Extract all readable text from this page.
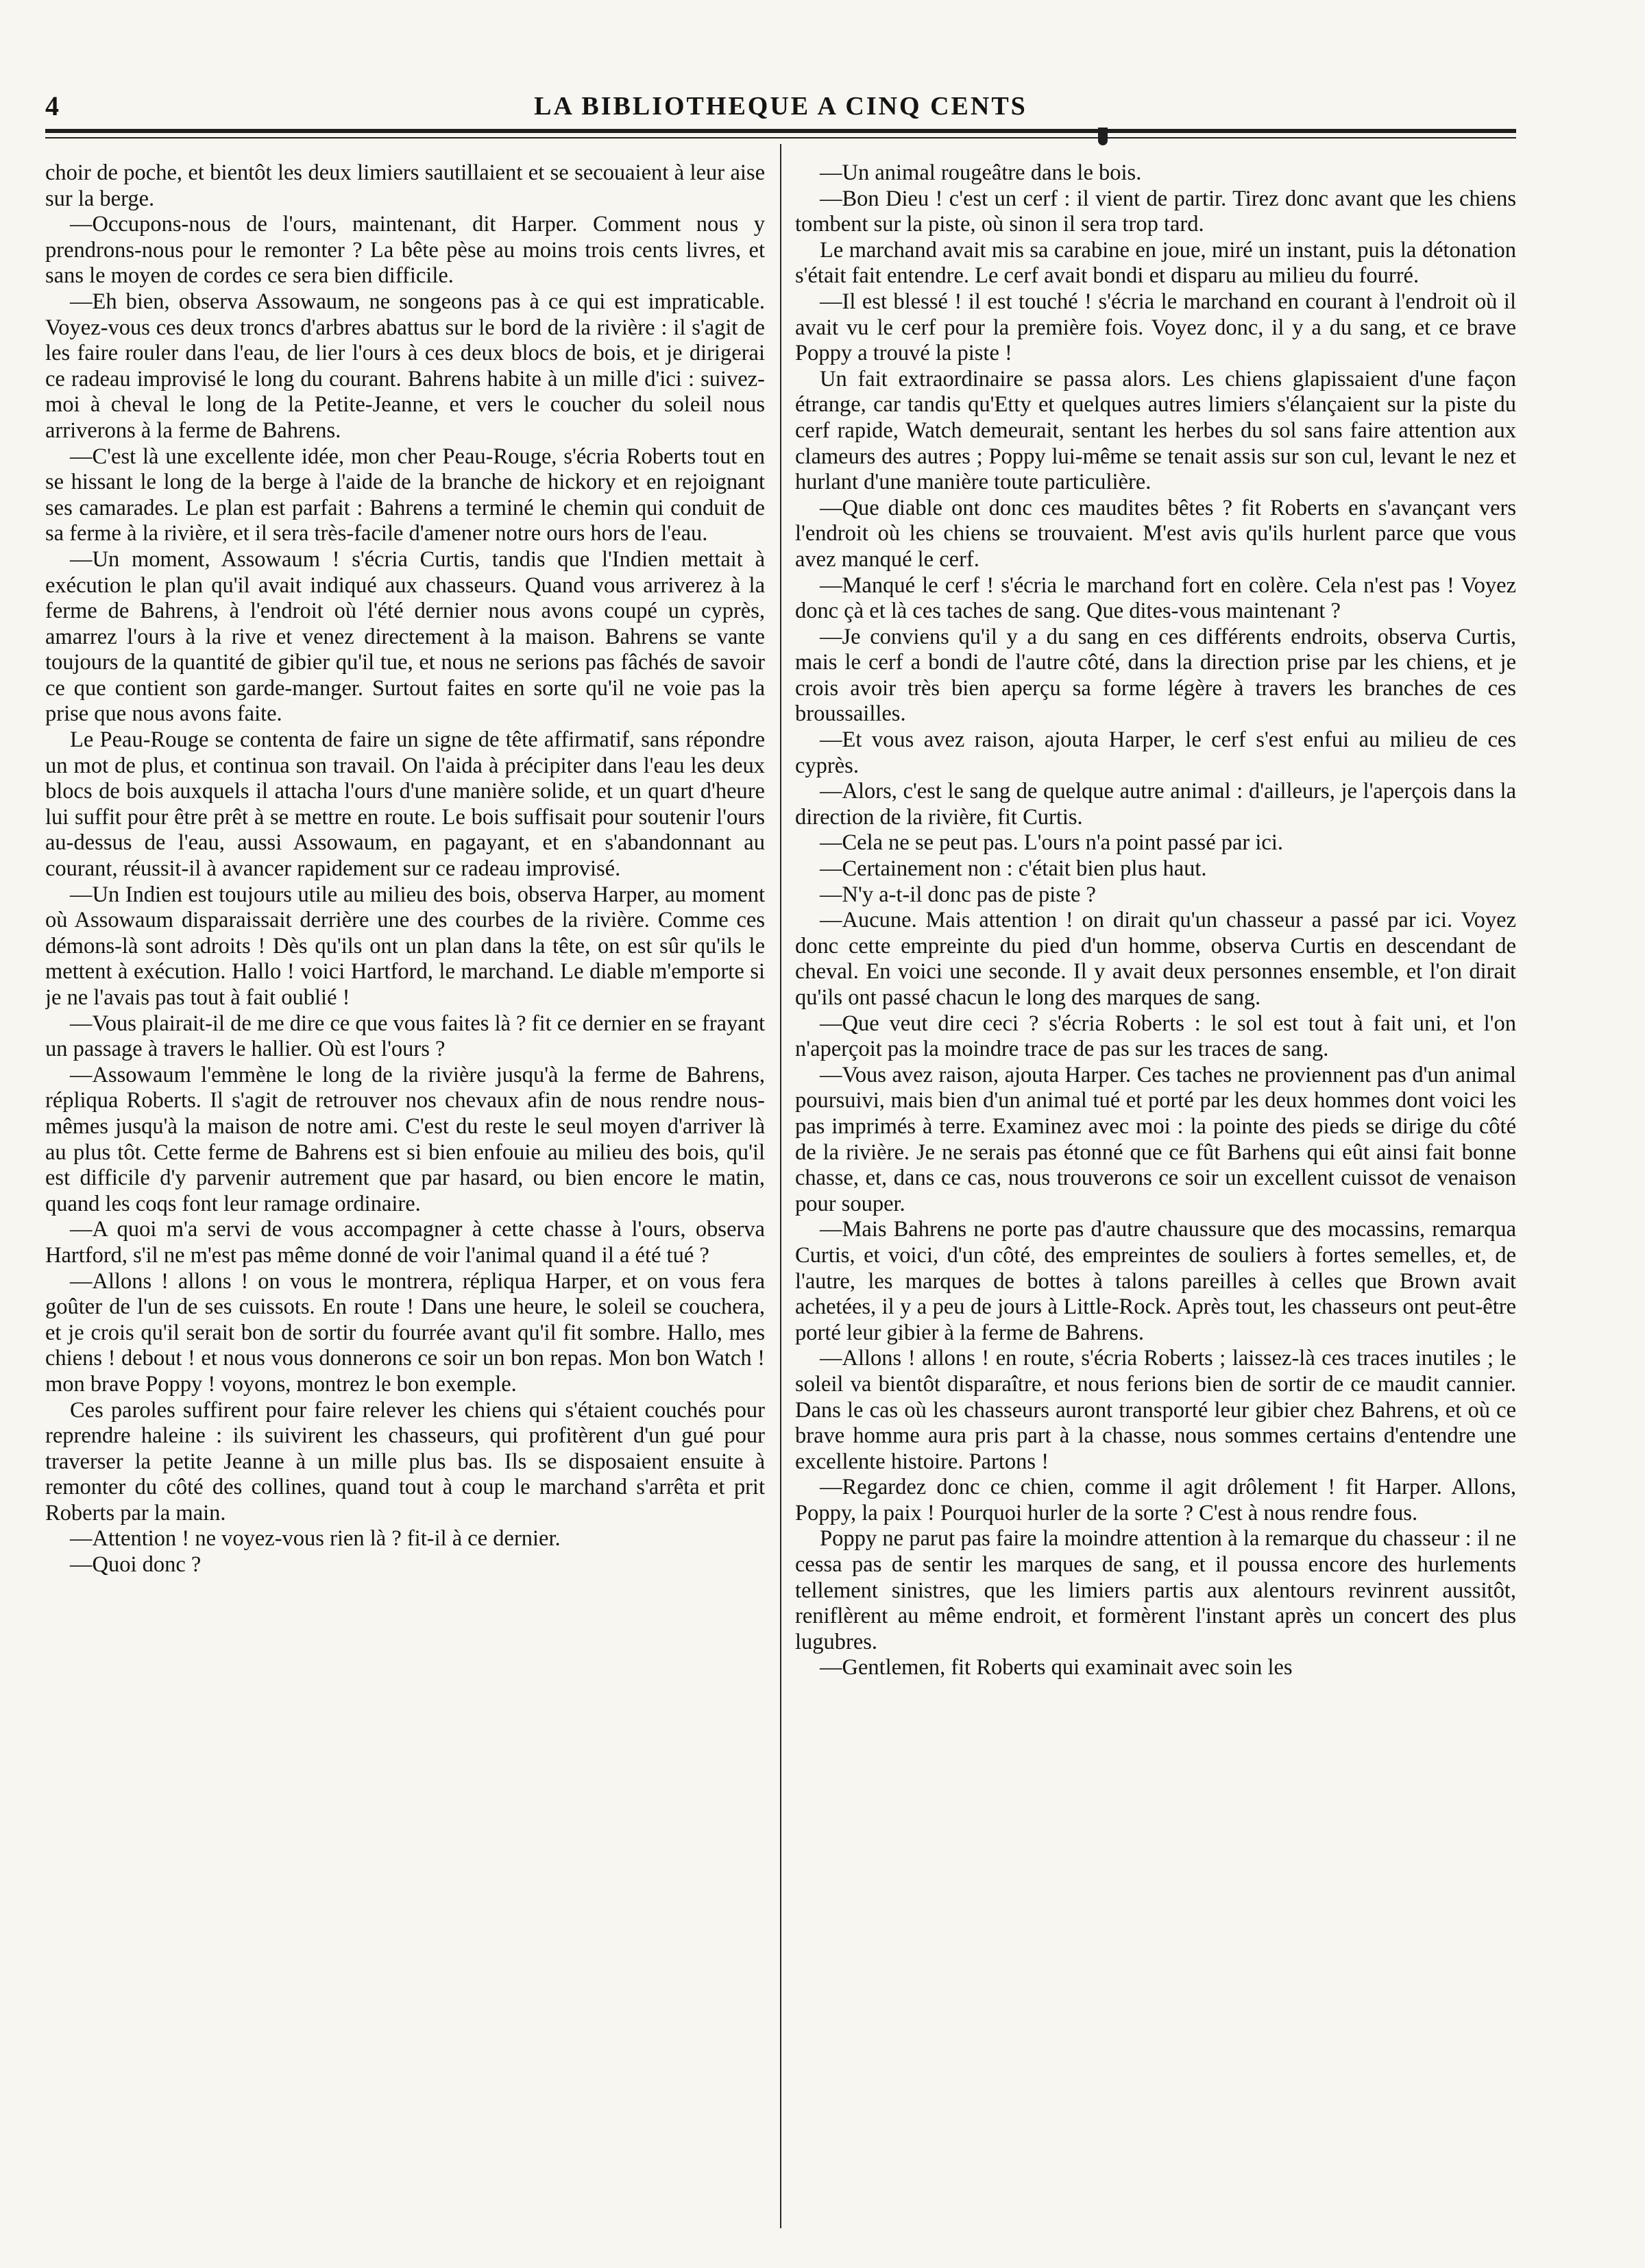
4	LA BIBLIOTHEQUE A CINQ CENTS

choir de poche, et bientôt les deux limiers sautillaient et se secouaient à leur aise sur la berge.

—Occupons-nous de l'ours, maintenant, dit Harper. Comment nous y prendrons-nous pour le remonter ? La bête pèse au moins trois cents livres, et sans le moyen de cordes ce sera bien difficile.

—Eh bien, observa Assowaum, ne songeons pas à ce qui est impraticable. Voyez-vous ces deux troncs d'arbres abattus sur le bord de la rivière : il s'agit de les faire rouler dans l'eau, de lier l'ours à ces deux blocs de bois, et je dirigerai ce radeau improvisé le long du courant. Bahrens habite à un mille d'ici : suivez-moi à cheval le long de la Petite-Jeanne, et vers le coucher du soleil nous arriverons à la ferme de Bahrens.

—C'est là une excellente idée, mon cher Peau-Rouge, s'écria Roberts tout en se hissant le long de la berge à l'aide de la branche de hickory et en rejoignant ses camarades. Le plan est parfait : Bahrens a terminé le chemin qui conduit de sa ferme à la rivière, et il sera très-facile d'amener notre ours hors de l'eau.

—Un moment, Assowaum ! s'écria Curtis, tandis que l'Indien mettait à exécution le plan qu'il avait indiqué aux chasseurs. Quand vous arriverez à la ferme de Bahrens, à l'endroit où l'été dernier nous avons coupé un cyprès, amarrez l'ours à la rive et venez directement à la maison. Bahrens se vante toujours de la quantité de gibier qu'il tue, et nous ne serions pas fâchés de savoir ce que contient son garde-manger. Surtout faites en sorte qu'il ne voie pas la prise que nous avons faite.

Le Peau-Rouge se contenta de faire un signe de tête affirmatif, sans répondre un mot de plus, et continua son travail. On l'aida à précipiter dans l'eau les deux blocs de bois auxquels il attacha l'ours d'une manière solide, et un quart d'heure lui suffit pour être prêt à se mettre en route. Le bois suffisait pour soutenir l'ours au-dessus de l'eau, aussi Assowaum, en pagayant, et en s'abandonnant au courant, réussit-il à avancer rapidement sur ce radeau improvisé.

—Un Indien est toujours utile au milieu des bois, observa Harper, au moment où Assowaum disparaissait derrière une des courbes de la rivière. Comme ces démons-là sont adroits ! Dès qu'ils ont un plan dans la tête, on est sûr qu'ils le mettent à exécution. Hallo ! voici Hartford, le marchand. Le diable m'emporte si je ne l'avais pas tout à fait oublié !

—Vous plairait-il de me dire ce que vous faites là ? fit ce dernier en se frayant un passage à travers le hallier. Où est l'ours ?

—Assowaum l'emmène le long de la rivière jusqu'à la ferme de Bahrens, répliqua Roberts. Il s'agit de retrouver nos chevaux afin de nous rendre nous-mêmes jusqu'à la maison de notre ami. C'est du reste le seul moyen d'arriver là au plus tôt. Cette ferme de Bahrens est si bien enfouie au milieu des bois, qu'il est difficile d'y parvenir autrement que par hasard, ou bien encore le matin, quand les coqs font leur ramage ordinaire.

—A quoi m'a servi de vous accompagner à cette chasse à l'ours, observa Hartford, s'il ne m'est pas même donné de voir l'animal quand il a été tué ?

—Allons ! allons ! on vous le montrera, répliqua Harper, et on vous fera goûter de l'un de ses cuissots. En route ! Dans une heure, le soleil se couchera, et je crois qu'il serait bon de sortir du fourrée avant qu'il fit sombre. Hallo, mes chiens ! debout ! et nous vous donnerons ce soir un bon repas. Mon bon Watch ! mon brave Poppy ! voyons, montrez le bon exemple.

Ces paroles suffirent pour faire relever les chiens qui s'étaient couchés pour reprendre haleine : ils suivirent les chasseurs, qui profitèrent d'un gué pour traverser la petite Jeanne à un mille plus bas. Ils se disposaient ensuite à remonter du côté des collines, quand tout à coup le marchand s'arrêta et prit Roberts par la main.

—Attention ! ne voyez-vous rien là ? fit-il à ce dernier.

—Quoi donc ?

—Un animal rougeâtre dans le bois.

—Bon Dieu ! c'est un cerf : il vient de partir. Tirez donc avant que les chiens tombent sur la piste, où sinon il sera trop tard.

Le marchand avait mis sa carabine en joue, miré un instant, puis la détonation s'était fait entendre. Le cerf avait bondi et disparu au milieu du fourré.

—Il est blessé ! il est touché ! s'écria le marchand en courant à l'endroit où il avait vu le cerf pour la première fois. Voyez donc, il y a du sang, et ce brave Poppy a trouvé la piste !

Un fait extraordinaire se passa alors. Les chiens glapissaient d'une façon étrange, car tandis qu'Etty et quelques autres limiers s'élançaient sur la piste du cerf rapide, Watch demeurait, sentant les herbes du sol sans faire attention aux clameurs des autres ; Poppy lui-même se tenait assis sur son cul, levant le nez et hurlant d'une manière toute particulière.

—Que diable ont donc ces maudites bêtes ? fit Roberts en s'avançant vers l'endroit où les chiens se trouvaient. M'est avis qu'ils hurlent parce que vous avez manqué le cerf.

—Manqué le cerf ! s'écria le marchand fort en colère. Cela n'est pas ! Voyez donc çà et là ces taches de sang. Que dites-vous maintenant ?

—Je conviens qu'il y a du sang en ces différents endroits, observa Curtis, mais le cerf a bondi de l'autre côté, dans la direction prise par les chiens, et je crois avoir très bien aperçu sa forme légère à travers les branches de ces broussailles.

—Et vous avez raison, ajouta Harper, le cerf s'est enfui au milieu de ces cyprès.

—Alors, c'est le sang de quelque autre animal : d'ailleurs, je l'aperçois dans la direction de la rivière, fit Curtis.

—Cela ne se peut pas. L'ours n'a point passé par ici.

—Certainement non : c'était bien plus haut.

—N'y a-t-il donc pas de piste ?

—Aucune. Mais attention ! on dirait qu'un chasseur a passé par ici. Voyez donc cette empreinte du pied d'un homme, observa Curtis en descendant de cheval. En voici une seconde. Il y avait deux personnes ensemble, et l'on dirait qu'ils ont passé chacun le long des marques de sang.

—Que veut dire ceci ? s'écria Roberts : le sol est tout à fait uni, et l'on n'aperçoit pas la moindre trace de pas sur les traces de sang.

—Vous avez raison, ajouta Harper. Ces taches ne proviennent pas d'un animal poursuivi, mais bien d'un animal tué et porté par les deux hommes dont voici les pas imprimés à terre. Examinez avec moi : la pointe des pieds se dirige du côté de la rivière. Je ne serais pas étonné que ce fût Barhens qui eût ainsi fait bonne chasse, et, dans ce cas, nous trouverons ce soir un excellent cuissot de venaison pour souper.

—Mais Bahrens ne porte pas d'autre chaussure que des mocassins, remarqua Curtis, et voici, d'un côté, des empreintes de souliers à fortes semelles, et, de l'autre, les marques de bottes à talons pareilles à celles que Brown avait achetées, il y a peu de jours à Little-Rock. Après tout, les chasseurs ont peut-être porté leur gibier à la ferme de Bahrens.

—Allons ! allons ! en route, s'écria Roberts ; laissez-là ces traces inutiles ; le soleil va bientôt disparaître, et nous ferions bien de sortir de ce maudit cannier. Dans le cas où les chasseurs auront transporté leur gibier chez Bahrens, et où ce brave homme aura pris part à la chasse, nous sommes certains d'entendre une excellente histoire. Partons !

—Regardez donc ce chien, comme il agit drôlement ! fit Harper. Allons, Poppy, la paix ! Pourquoi hurler de la sorte ? C'est à nous rendre fous.

Poppy ne parut pas faire la moindre attention à la remarque du chasseur : il ne cessa pas de sentir les marques de sang, et il poussa encore des hurlements tellement sinistres, que les limiers partis aux alentours revinrent aussitôt, reniflèrent au même endroit, et formèrent l'instant après un concert des plus lugubres.

—Gentlemen, fit Roberts qui examinait avec soin les
